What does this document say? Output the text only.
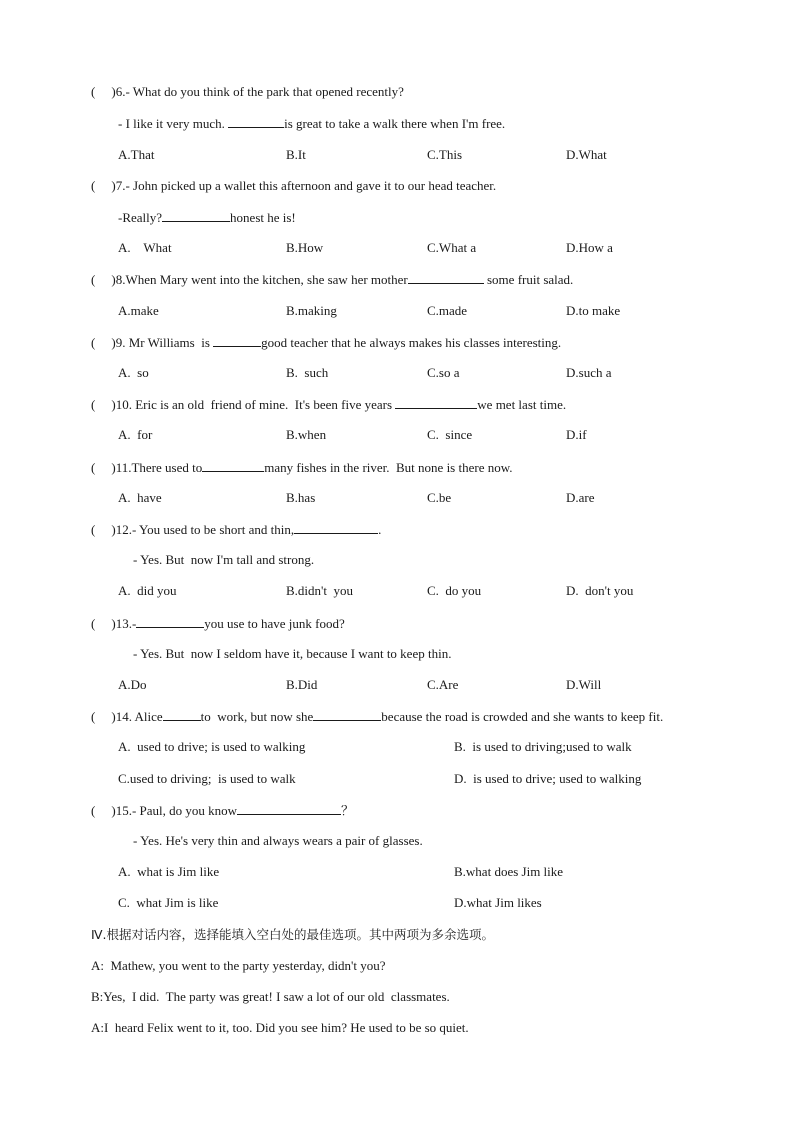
( )6.- What do you think of the park that opened recently?
- I like it very much.	is great to take a walk there when I'm free.
A.That	B.It	C.This	D.What
( )7.- John picked up a wallet this afternoon and gave it to our head teacher.
-Really?	honest he is!
A.    What	B.How	C.What a	D.How a
( )8.When Mary went into the kitchen, she saw her mother	some fruit salad.
A.make	B.making	C.made	D.to make
( )9. Mr Williams  is	good teacher that he always makes his classes interesting.
A.  so	B.  such	C.so a	D.such a
( )10. Eric is an old  friend of mine.  It's been five years	we met last time.
A.  for	B.when	C.  since	D.if
( )11.There used to	many fishes in the river.  But none is there now.
A.  have	B.has	C.be	D.are
( )12.- You used to be short and thin,	.
- Yes. But  now I'm tall and strong.
A.  did you	B.didn't  you	C.  do you	D.  don't you
( )13.-	you use to have junk food?
- Yes. But  now I seldom have it, because I want to keep thin.
A.Do	B.Did	C.Are	D.Will
( )14. Alice	to  work, but now she	because the road is crowded and she wants to keep fit.
A.  used to drive; is used to walking	B.  is used to driving;used to walk
C.used to driving;  is used to walk	D.  is used to drive; used to walking
( )15.- Paul, do you know	？
- Yes. He's very thin and always wears a pair of glasses.
A.  what is Jim like	B.what does Jim like
C.  what Jim is like	D.what Jim likes
Ⅳ.根据对话内容，选择能填入空白处的最佳选项。其中两项为多余选项。
A:  Mathew, you went to the party yesterday, didn't you?
B:Yes,  I did.  The party was great! I saw a lot of our old  classmates.
A:I  heard Felix went to it, too. Did you see him? He used to be so quiet.
